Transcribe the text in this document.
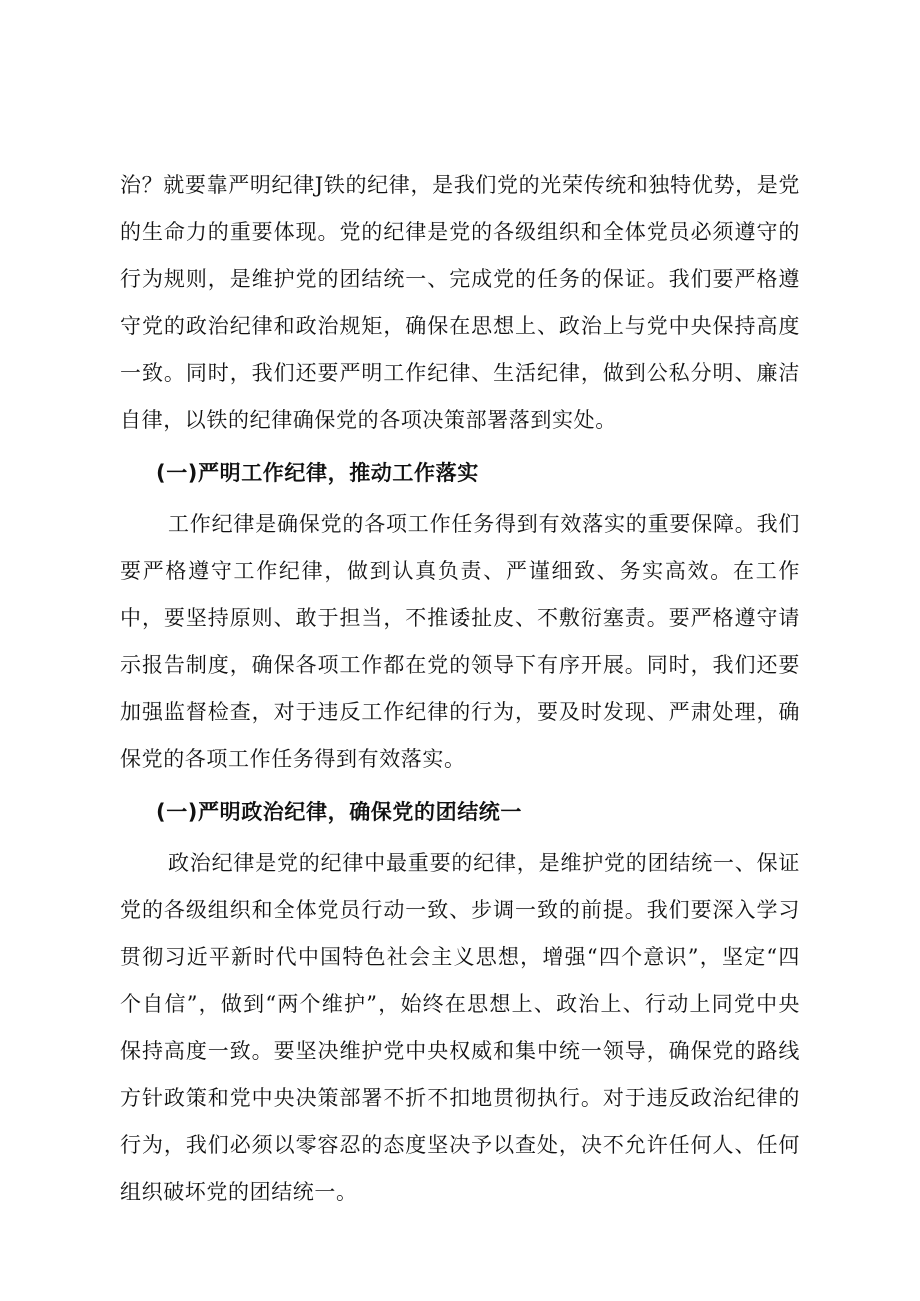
治？就要靠严明纪律J铁的纪律，是我们党的光荣传统和独特优势，是党的生命力的重要体现。党的纪律是党的各级组织和全体党员必须遵守的行为规则，是维护党的团结统一、完成党的任务的保证。我们要严格遵守党的政治纪律和政治规矩，确保在思想上、政治上与党中央保持高度一致。同时，我们还要严明工作纪律、生活纪律，做到公私分明、廉洁自律，以铁的纪律确保党的各项决策部署落到实处。

(一)严明工作纪律，推动工作落实

工作纪律是确保党的各项工作任务得到有效落实的重要保障。我们要严格遵守工作纪律，做到认真负责、严谨细致、务实高效。在工作中，要坚持原则、敢于担当，不推诿扯皮、不敷衍塞责。要严格遵守请示报告制度，确保各项工作都在党的领导下有序开展。同时，我们还要加强监督检查，对于违反工作纪律的行为，要及时发现、严肃处理，确保党的各项工作任务得到有效落实。

(一)严明政治纪律，确保党的团结统一

政治纪律是党的纪律中最重要的纪律，是维护党的团结统一、保证党的各级组织和全体党员行动一致、步调一致的前提。我们要深入学习贯彻习近平新时代中国特色社会主义思想，增强“四个意识”，坚定“四个自信”，做到“两个维护”，始终在思想上、政治上、行动上同党中央保持高度一致。要坚决维护党中央权威和集中统一领导，确保党的路线方针政策和党中央决策部署不折不扣地贯彻执行。对于违反政治纪律的行为，我们必须以零容忍的态度坚决予以查处，决不允许任何人、任何组织破坏党的团结统一。
